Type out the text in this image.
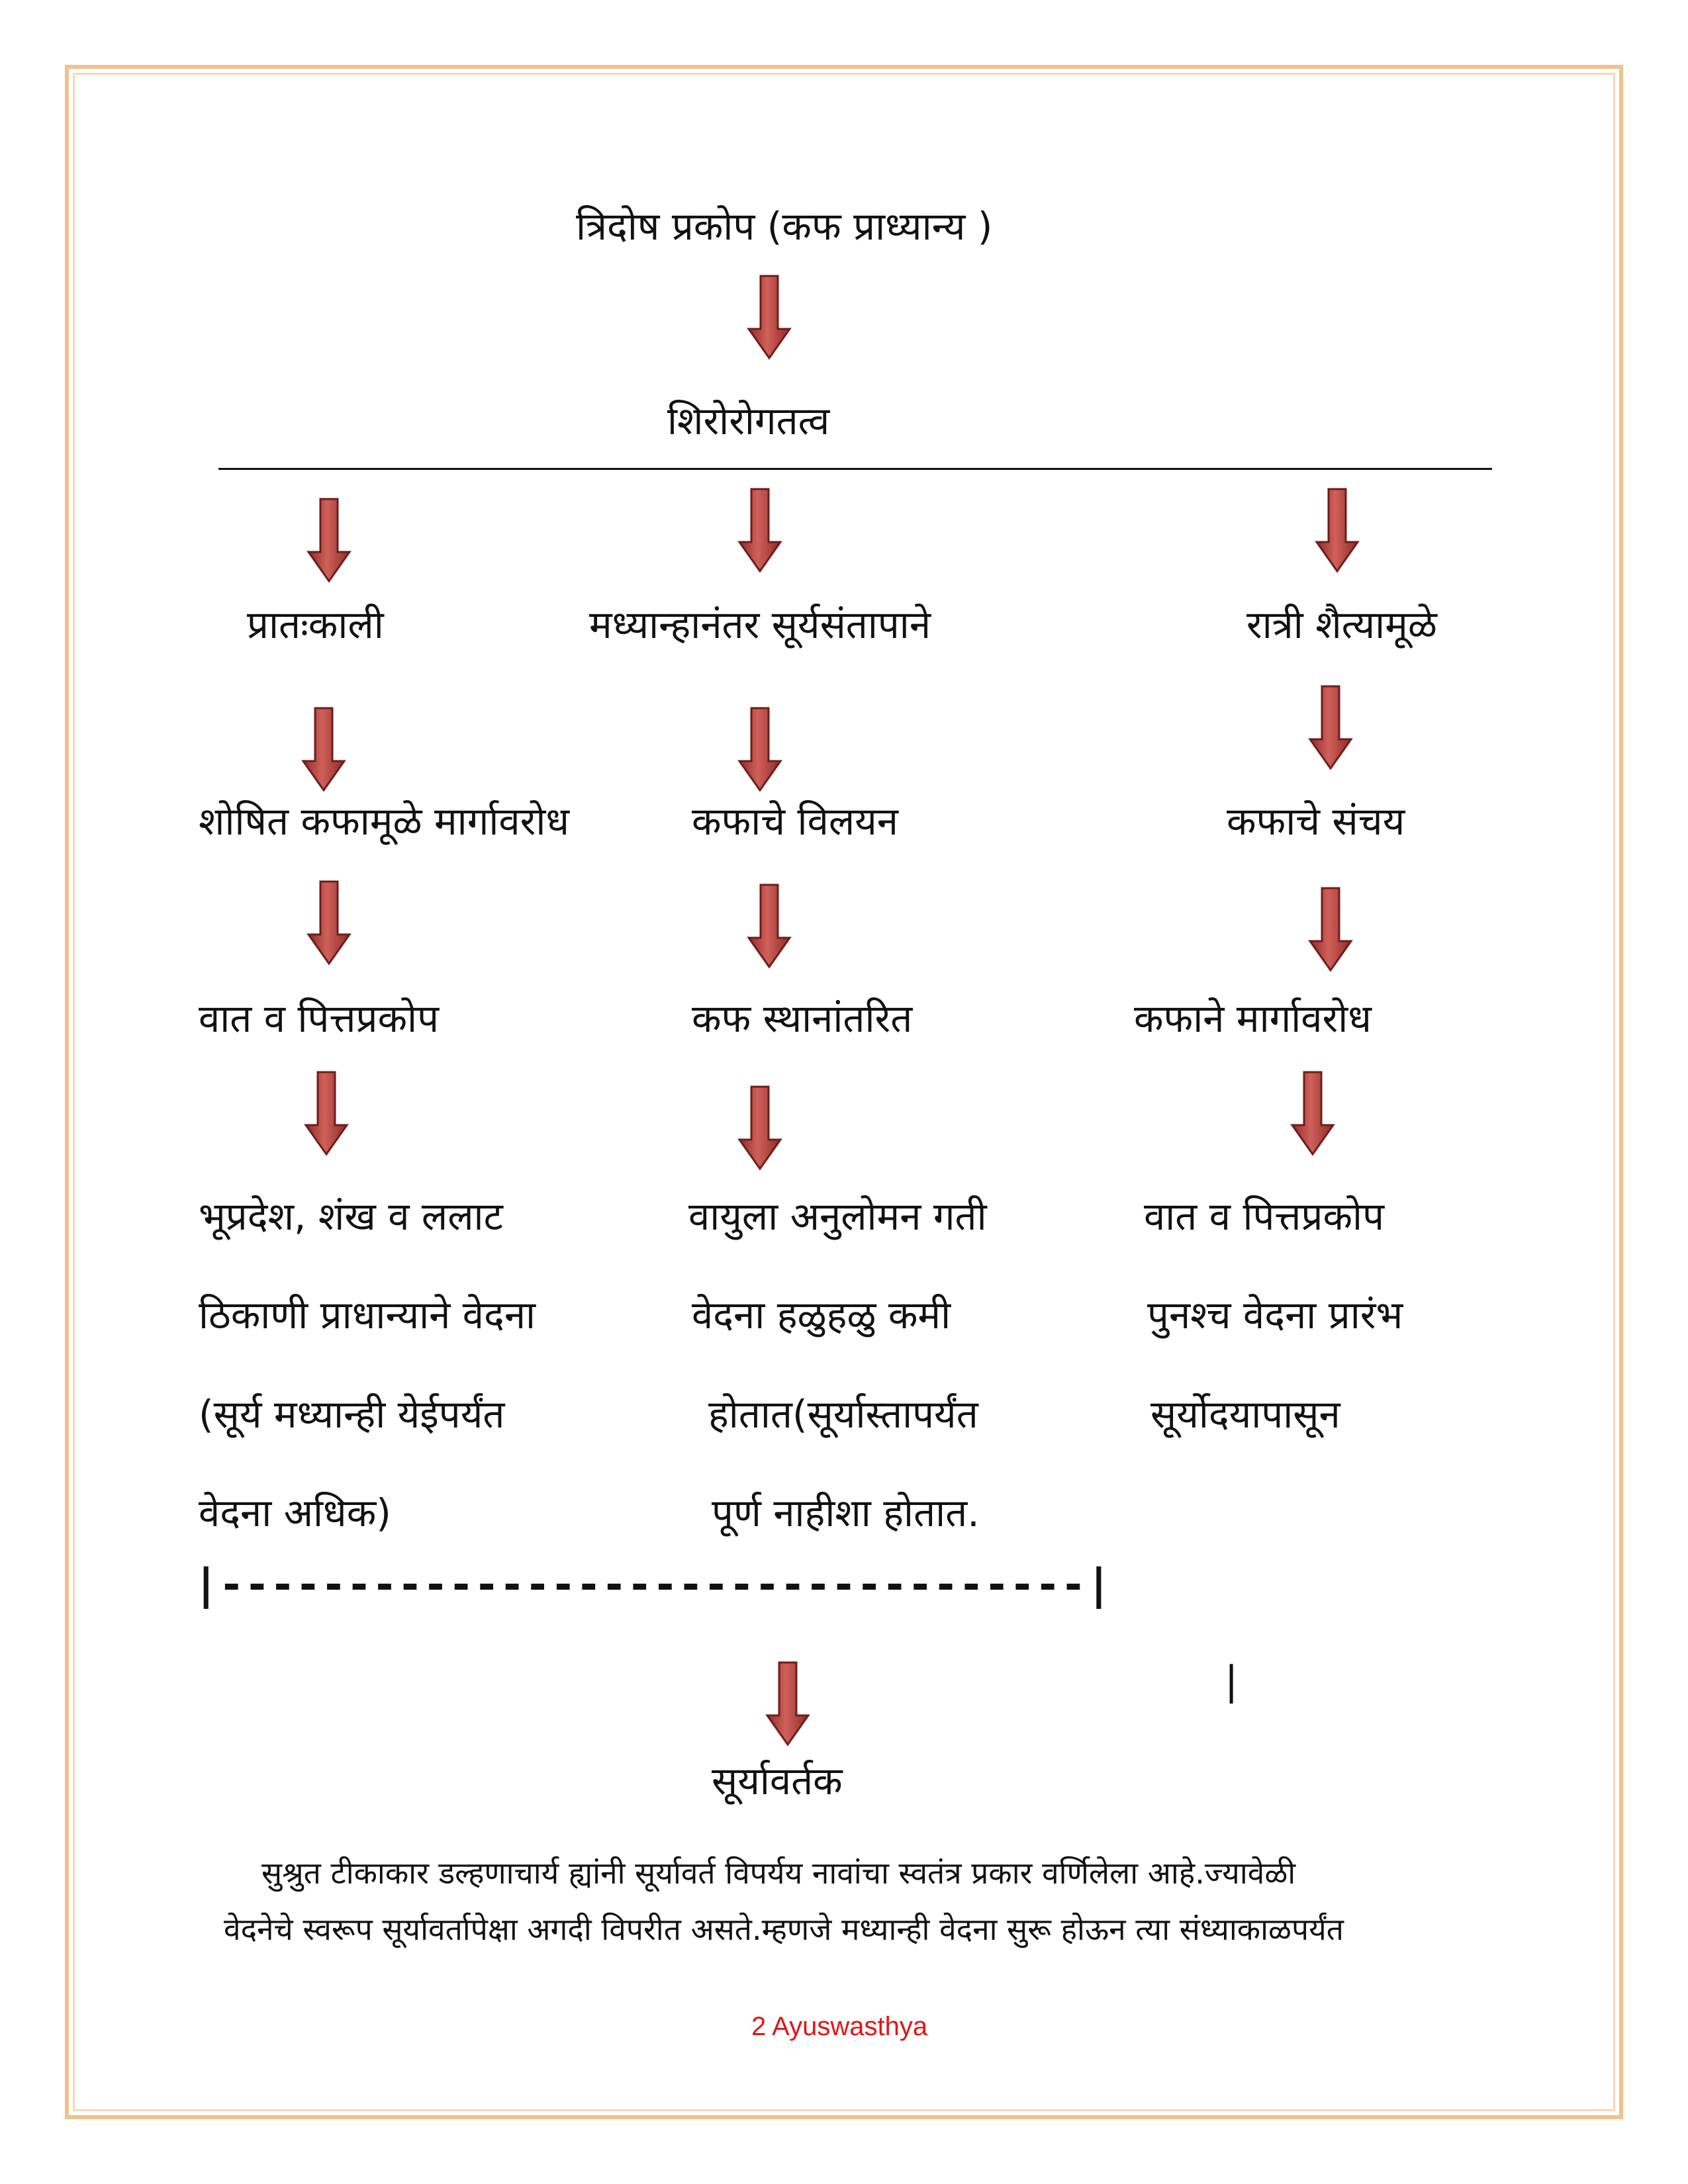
त्रिदोष प्रकोप (कफ प्राध्यान्य )
शिरोरोगतत्व
प्रातःकाली	मध्यान्हानंतर सूर्यसंतापाने	रात्री शैत्यामूळे
शोषित कफामूळे मार्गावरोध	कफाचे विलयन	कफाचे संचय
वात व पित्तप्रकोप	कफ स्थानांतरित	कफाने मार्गावरोध
भूप्रदेश, शंख व ललाट
ठिकाणी प्राधान्याने वेदना
(सूर्य मध्यान्ही येईपर्यंत
वेदना अधिक)
वायुला अनुलोमन गती
वेदना हळुहळु कमी
होतात(सूर्यास्तापर्यंत
पूर्ण नाहीशा होतात.
वात व पित्तप्रकोप
पुनश्च वेदना प्रारंभ
सूर्योदयापासून
|----------------------------------|
|
सूर्यावर्तक
सुश्रुत टीकाकार डल्हणाचार्य ह्यांनी सूर्यावर्त विपर्यय नावांचा स्वतंत्र प्रकार वर्णिलेला आहे.ज्यावेळी
वेदनेचे स्वरूप सूर्यावर्तापेक्षा अगदी विपरीत असते.म्हणजे मध्यान्ही वेदना सुरू होऊन त्या संध्याकाळपर्यंत
2 Ayuswasthya
